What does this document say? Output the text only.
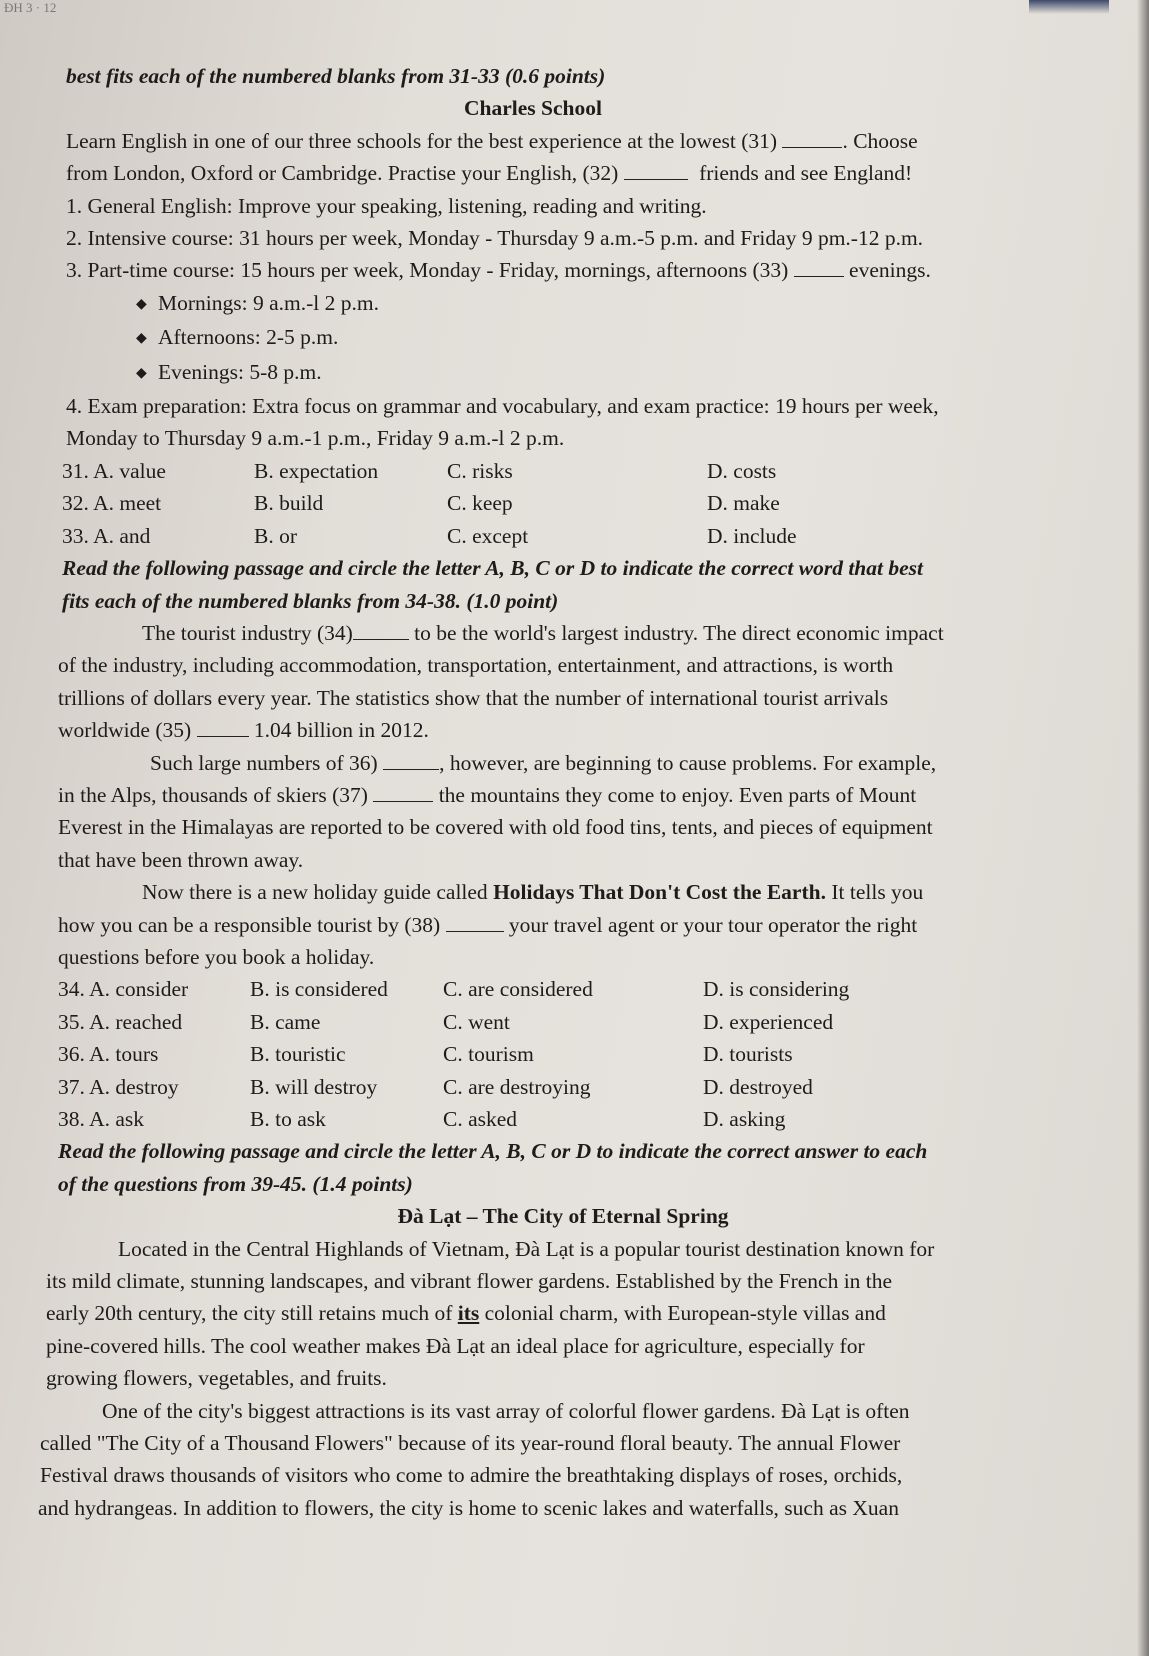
ĐH 3 · 12
best fits each of the numbered blanks from 31-33 (0.6 points)
Charles School
Learn English in one of our three schools for the best experience at the lowest (31)	. Choose
from London, Oxford or Cambridge. Practise your English, (32)	friends and see England!
1. General English: Improve your speaking, listening, reading and writing.
2. Intensive course: 31 hours per week, Monday - Thursday 9 a.m.-5 p.m. and Friday 9 pm.-12 p.m.
3. Part-time course: 15 hours per week, Monday - Friday, mornings, afternoons (33)	evenings.
◆ Mornings: 9 a.m.-l 2 p.m.
◆ Afternoons: 2-5 p.m.
◆ Evenings: 5-8 p.m.
4. Exam preparation: Extra focus on grammar and vocabulary, and exam practice: 19 hours per week,
Monday to Thursday 9 a.m.-1 p.m., Friday 9 a.m.-l 2 p.m.
31. A. value	B. expectation	C. risks	D. costs
32. A. meet	B. build	C. keep	D. make
33. A. and	B. or	C. except	D. include
Read the following passage and circle the letter A, B, C or D to indicate the correct word that best
fits each of the numbered blanks from 34-38. (1.0 point)
The tourist industry (34)	to be the world's largest industry. The direct economic impact
of the industry, including accommodation, transportation, entertainment, and attractions, is worth
trillions of dollars every year. The statistics show that the number of international tourist arrivals
worldwide (35)	1.04 billion in 2012.
Such large numbers of 36)	, however, are beginning to cause problems. For example,
in the Alps, thousands of skiers (37)	the mountains they come to enjoy. Even parts of Mount
Everest in the Himalayas are reported to be covered with old food tins, tents, and pieces of equipment
that have been thrown away.
Now there is a new holiday guide called Holidays That Don't Cost the Earth. It tells you
how you can be a responsible tourist by (38)	your travel agent or your tour operator the right
questions before you book a holiday.
34. A. consider	B. is considered	C. are considered	D. is considering
35. A. reached	B. came	C. went	D. experienced
36. A. tours	B. touristic	C. tourism	D. tourists
37. A. destroy	B. will destroy	C. are destroying	D. destroyed
38. A. ask	B. to ask	C. asked	D. asking
Read the following passage and circle the letter A, B, C or D to indicate the correct answer to each
of the questions from 39-45. (1.4 points)
Đà Lạt – The City of Eternal Spring
Located in the Central Highlands of Vietnam, Đà Lạt is a popular tourist destination known for
its mild climate, stunning landscapes, and vibrant flower gardens. Established by the French in the
early 20th century, the city still retains much of its colonial charm, with European-style villas and
pine-covered hills. The cool weather makes Đà Lạt an ideal place for agriculture, especially for
growing flowers, vegetables, and fruits.
One of the city's biggest attractions is its vast array of colorful flower gardens. Đà Lạt is often
called "The City of a Thousand Flowers" because of its year-round floral beauty. The annual Flower
Festival draws thousands of visitors who come to admire the breathtaking displays of roses, orchids,
and hydrangeas. In addition to flowers, the city is home to scenic lakes and waterfalls, such as Xuan
